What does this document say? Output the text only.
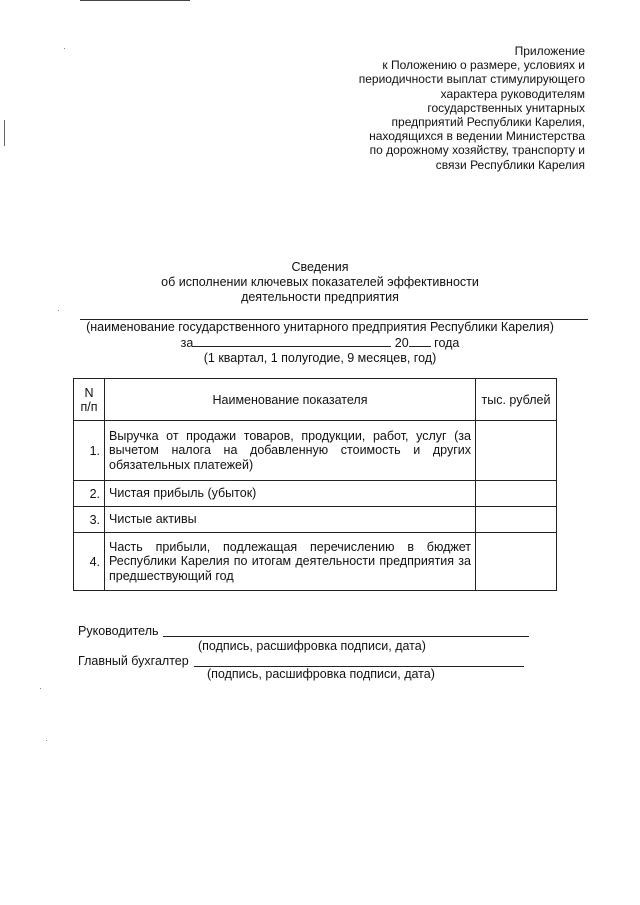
Приложение
к Положению о размере, условиях и
периодичности выплат стимулирующего
характера руководителям
государственных унитарных
предприятий Республики Карелия,
находящихся в ведении Министерства
по дорожному хозяйству, транспорту и
связи Республики Карелия
Сведения
об исполнении ключевых показателей эффективности
деятельности предприятия
(наименование государственного унитарного предприятия Республики Карелия)
за	20 года
(1 квартал, 1 полугодие, 9 месяцев, год)
N п/п	Наименование показателя	тыс. рублей
1.	Выручка от продажи товаров, продукции, работ, услуг (за вычетом налога на добавленную стоимость и других обязательных платежей)	
2.	Чистая прибыль (убыток)	
3.	Чистые активы	
4.	Часть прибыли, подлежащая перечислению в бюджет Республики Карелия по итогам деятельности предприятия за предшествующий год	
Руководитель
(подпись, расшифровка подписи, дата)
Главный бухгалтер
(подпись, расшифровка подписи, дата)
